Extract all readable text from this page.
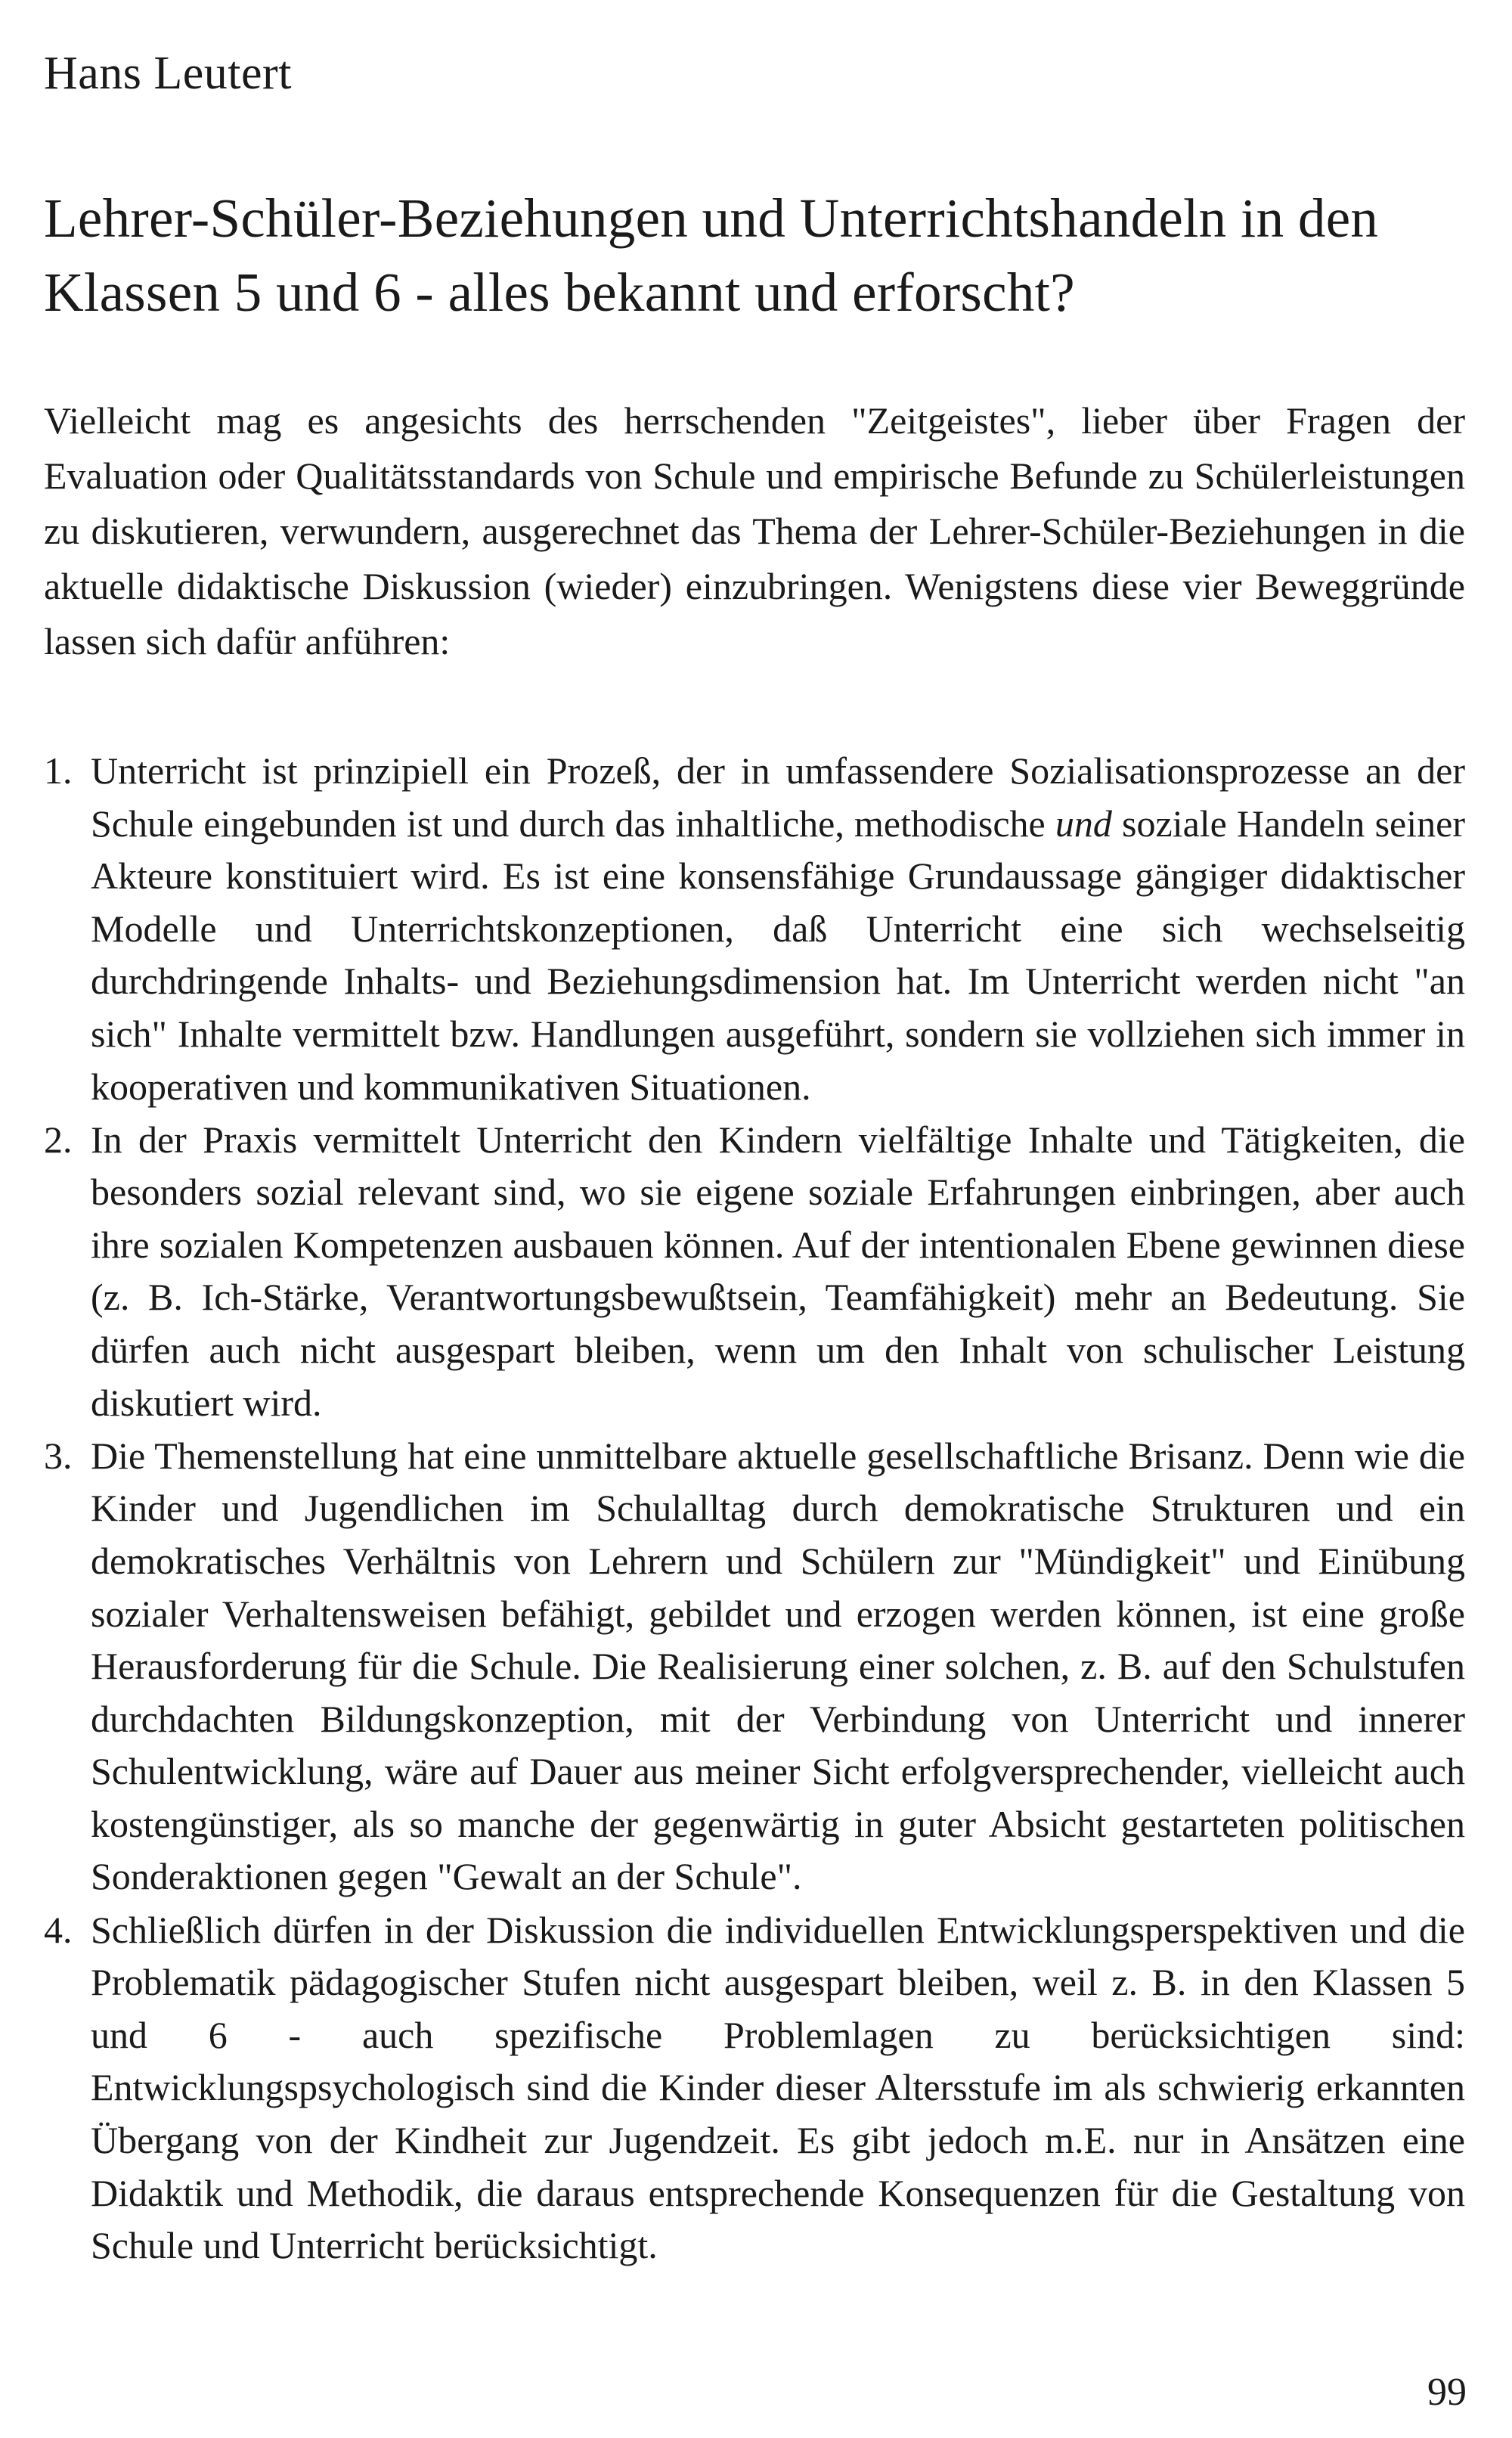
Hans Leutert
Lehrer-Schüler-Beziehungen und Unterrichtshandeln in den Klassen 5 und 6 - alles bekannt und erforscht?

Vielleicht mag es angesichts des herrschenden "Zeitgeistes", lieber über Fragen der Evaluation oder Qualitätsstandards von Schule und empirische Befunde zu Schülerleistungen zu diskutieren, verwundern, ausgerechnet das Thema der Lehrer-Schüler-Beziehungen in die aktuelle didaktische Diskussion (wieder) einzubringen. Wenigstens diese vier Beweggründe lassen sich dafür anführen:

1. Unterricht ist prinzipiell ein Prozeß, der in umfassendere Sozialisationsprozesse an der Schule eingebunden ist und durch das inhaltliche, methodische und soziale Handeln seiner Akteure konstituiert wird. Es ist eine konsensfähige Grundaussage gängiger didaktischer Modelle und Unterrichtskonzeptionen, daß Unterricht eine sich wechselseitig durchdringende Inhalts- und Beziehungsdimension hat. Im Unterricht werden nicht "an sich" Inhalte vermittelt bzw. Handlungen ausgeführt, sondern sie vollziehen sich immer in kooperativen und kommunikativen Situationen.
2. In der Praxis vermittelt Unterricht den Kindern vielfältige Inhalte und Tätigkeiten, die besonders sozial relevant sind, wo sie eigene soziale Erfahrungen einbringen, aber auch ihre sozialen Kompetenzen ausbauen können. Auf der intentionalen Ebene gewinnen diese (z. B. Ich-Stärke, Verantwortungsbewußtsein, Teamfähigkeit) mehr an Bedeutung. Sie dürfen auch nicht ausgespart bleiben, wenn um den Inhalt von schulischer Leistung diskutiert wird.
3. Die Themenstellung hat eine unmittelbare aktuelle gesellschaftliche Brisanz. Denn wie die Kinder und Jugendlichen im Schulalltag durch demokratische Strukturen und ein demokratisches Verhältnis von Lehrern und Schülern zur "Mündigkeit" und Einübung sozialer Verhaltensweisen befähigt, gebildet und erzogen werden können, ist eine große Herausforderung für die Schule. Die Realisierung einer solchen, z. B. auf den Schulstufen durchdachten Bildungskonzeption, mit der Verbindung von Unterricht und innerer Schulentwicklung, wäre auf Dauer aus meiner Sicht erfolgversprechender, vielleicht auch kostengünstiger, als so manche der gegenwärtig in guter Absicht gestarteten politischen Sonderaktionen gegen "Gewalt an der Schule".
4. Schließlich dürfen in der Diskussion die individuellen Entwicklungsperspektiven und die Problematik pädagogischer Stufen nicht ausgespart bleiben, weil z. B. in den Klassen 5 und 6 - auch spezifische Problemlagen zu berücksichtigen sind: Entwicklungspsychologisch sind die Kinder dieser Altersstufe im als schwierig erkannten Übergang von der Kindheit zur Jugendzeit. Es gibt jedoch m.E. nur in Ansätzen eine Didaktik und Methodik, die daraus entsprechende Konsequenzen für die Gestaltung von Schule und Unterricht berücksichtigt.
99
